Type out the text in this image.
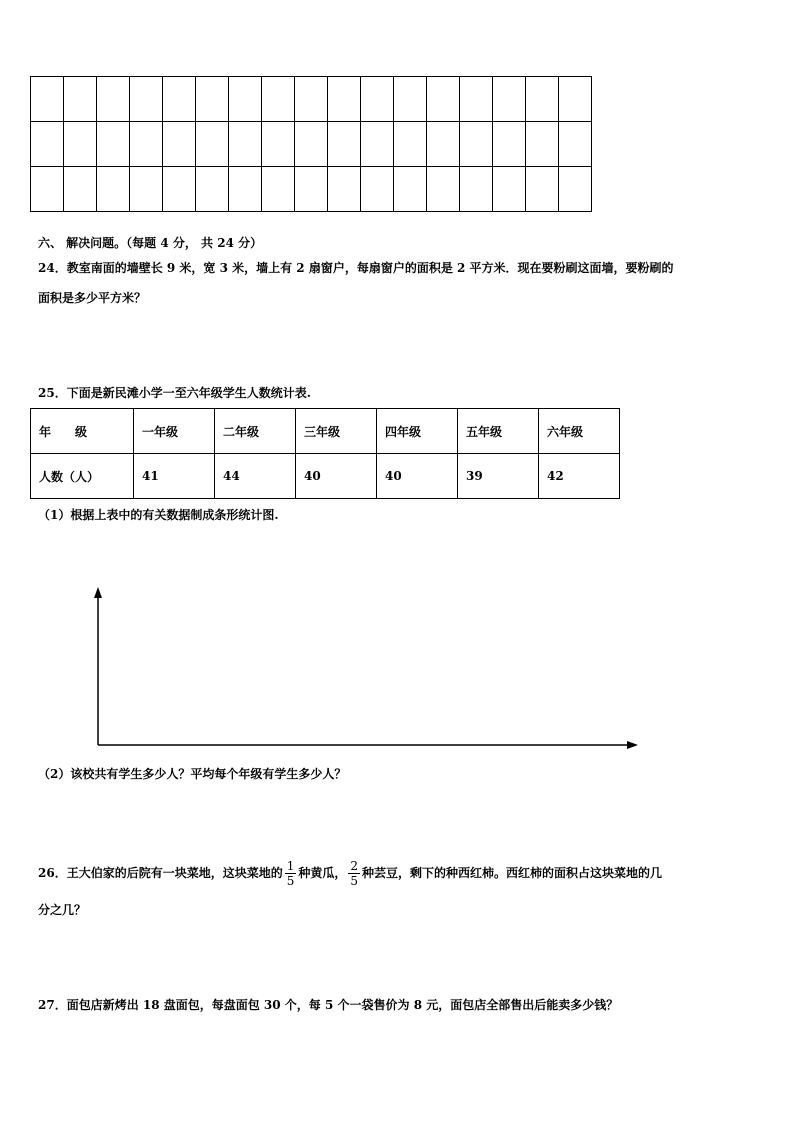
六、 解决问题。（每题 4 分， 共 24 分）
24．教室南面的墙壁长 9 米，宽 3 米，墙上有 2 扇窗户，每扇窗户的面积是 2 平方米．现在要粉刷这面墙，要粉刷的
面积是多少平方米？
25．下面是新民滩小学一至六年级学生人数统计表.
年　　级	一年级	二年级	三年级	四年级	五年级	六年级
人数（人）	41	44	40	40	39	42
（1）根据上表中的有关数据制成条形统计图.
（2）该校共有学生多少人？平均每个年级有学生多少人？
26．王大伯家的后院有一块菜地，这块菜地的 $\frac{1}{5}$ 种黄瓜， $\frac{2}{5}$ 种芸豆，剩下的种西红柿。西红柿的面积占这块菜地的几
分之几？
27．面包店新烤出 18 盘面包，每盘面包 30 个，每 5 个一袋售价为 8 元，面包店全部售出后能卖多少钱？
